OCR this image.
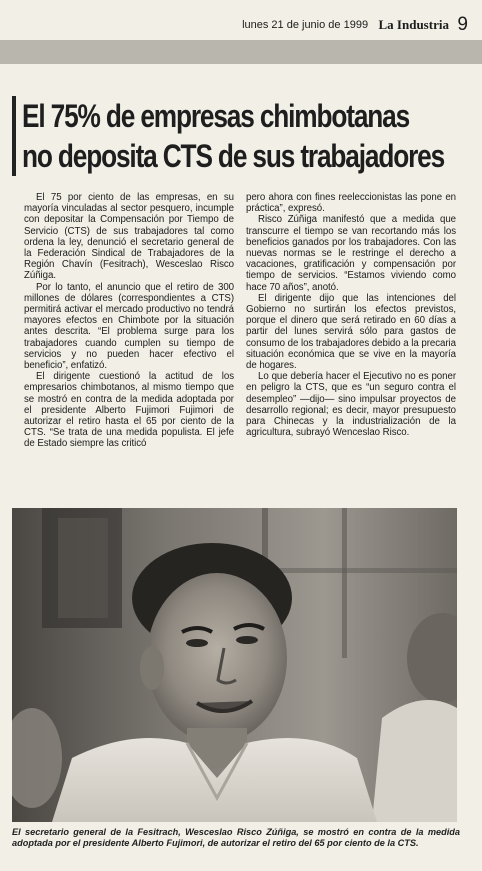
lunes 21 de junio de 1999 La Industria 9
El 75% de empresas chimbotanas
no deposita CTS de sus trabajadores

El 75 por ciento de las empresas, en su mayoría vinculadas al sector pesquero, incumple con depositar la Compensación por Tiempo de Servicio (CTS) de sus trabajadores tal como ordena la ley, denunció el secretario general de la Federación Sindical de Trabajadores de la Región Chavín (Fesitrach), Wesceslao Risco Zúñiga.

Por lo tanto, el anuncio que el retiro de 300 millones de dólares (correspondientes a CTS) permitirá activar el mercado productivo no tendrá mayores efectos en Chimbote por la situación antes descrita. “El problema surge para los trabajadores cuando cumplen su tiempo de servicios y no pueden hacer efectivo el beneficio”, enfatizó.

El dirigente cuestionó la actitud de los empresarios chimbotanos, al mismo tiempo que se mostró en contra de la medida adoptada por el presidente Alberto Fujimori Fujimori de autorizar el retiro hasta el 65 por ciento de la CTS. “Se trata de una medida populista. El jefe de Estado siempre las criticó

pero ahora con fines reeleccionistas las pone en práctica”, expresó.

Risco Zúñiga manifestó que a medida que transcurre el tiempo se van recortando más los beneficios ganados por los trabajadores. Con las nuevas normas se le restringe el derecho a vacaciones, gratificación y compensación por tiempo de servicios. “Estamos viviendo como hace 70 años”, anotó.

El dirigente dijo que las intenciones del Gobierno no surtirán los efectos previstos, porque el dinero que será retirado en 60 días a partir del lunes servirá sólo para gastos de consumo de los trabajadores debido a la precaria situación económica que se vive en la mayoría de hogares.

Lo que debería hacer el Ejecutivo no es poner en peligro la CTS, que es “un seguro contra el desempleo” —dijo— sino impulsar proyectos de desarrollo regional; es decir, mayor presupuesto para Chinecas y la industrialización de la agricultura, subrayó Wenceslao Risco.

El secretario general de la Fesitrach, Wesceslao Risco Zúñiga, se mostró en contra de la medida adoptada por el presidente Alberto Fujimori, de autorizar el retiro del 65 por ciento de la CTS.
